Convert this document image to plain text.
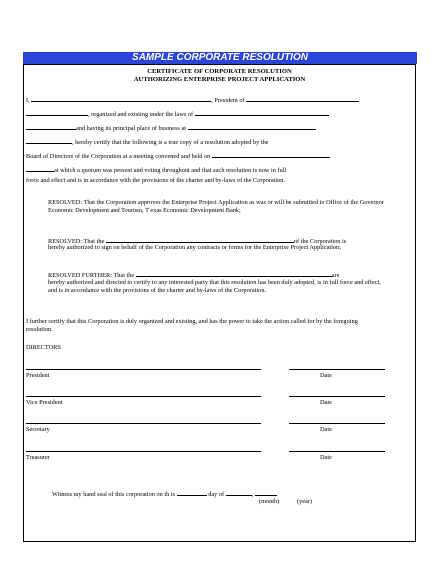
SAMPLE CORPORATE RESOLUTION
CERTIFICATE OF CORPORATE RESOLUTION
AUTHORIZING ENTERPRISE PROJECT APPLICATION
I,	, President of
, organized and existing under the laws of
and having its principal place of business at
, hereby certify that the following is a true copy of a resolution adopted by the
Board of Directors of the Corporation at a meeting convened and held on
at which a quorum was present and voting throughout and that such resolution is now in full
force and effect and is in accordance with the provisions of the charter and by-laws of the Corporation.
RESOLVED: That the Corporation approves the Enterprise Project Application as was or will be submitted to Office of the Governor Economic Development and Tourism, T exas Economic Development Bank;
RESOLVED: That the	of the Corporation is
hereby authorized to sign on behalf of the Corporation any contracts or forms for the Enterprise Project Application;
RESOLVED FURTHER: That the	are
hereby authorized and directed to certify to any interested party that this resolution has been duly adopted, is in full force and effect, and is in accordance with the provisions of the charter and by-laws of the Corporation.
I further certify that this Corporation is duly organized and existing, and has the power to take the action called for by the foregoing resolution.
DIRECTORS
President	Date
Vice President	Date
Secretary	Date
Treasurer	Date
Witness my hand seal of this corporation on th is	day of	,
(month)	(year)
